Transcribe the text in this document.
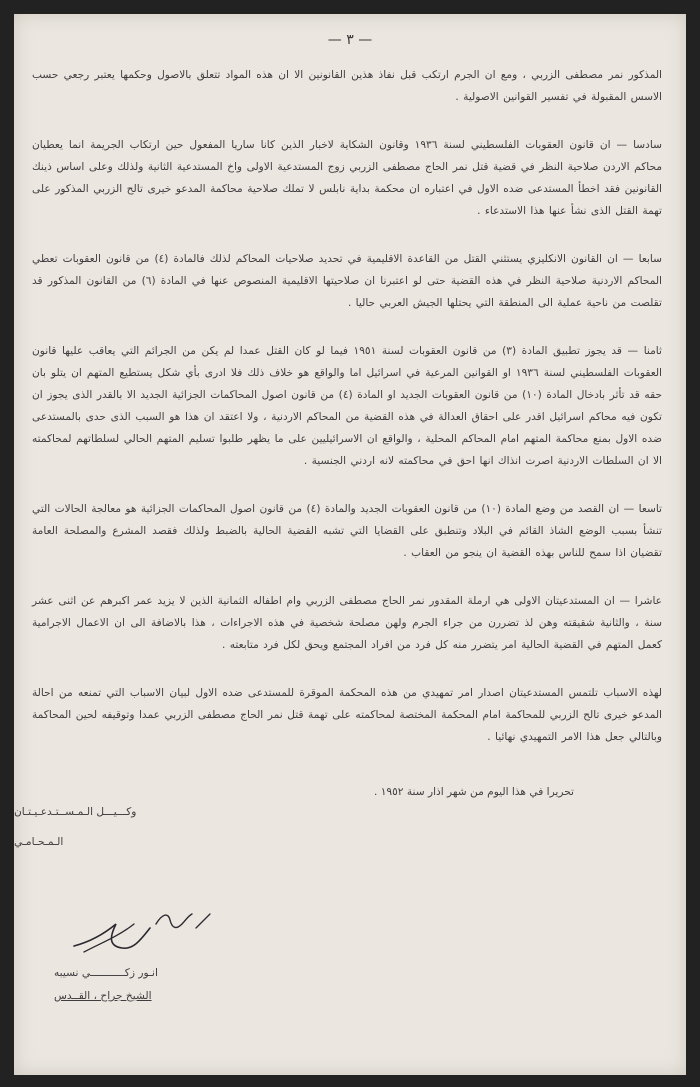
— ٣ —

المذكور نمر مصطفى الزربي ، ومع ان الجرم ارتكب قبل نفاذ هذين القانونين الا ان هذه المواد تتعلق بالاصول وحكمها يعتبر رجعي حسب الاسس المقبولة في تفسير القوانين الاصولية .

سادسا — ان قانون العقوبات الفلسطيني لسنة ١٩٣٦ وقانون الشكاية لاخبار الذين كانا ساريا المفعول حين ارتكاب الجريمة انما يعطيان محاكم الاردن صلاحية النظر في قضية قتل نمر الحاج مصطفى الزربي زوج المستدعية الاولى واخ المستدعية الثانية ولذلك وعلى اساس ذينك القانونين فقد اخطأ المستدعى ضده الاول في اعتباره ان محكمة بداية نابلس لا تملك صلاحية محاكمة المدعو خيرى تالح الزربي المذكور على تهمة القتل الذى نشأ عنها هذا الاستدعاء .

سابعا — ان القانون الانكليزي يستثني القتل من القاعدة الاقليمية في تحديد صلاحيات المحاكم لذلك فالمادة (٤) من قانون العقوبات تعطي المحاكم الاردنية صلاحية النظر في هذه القضية حتى لو اعتبرنا ان صلاحيتها الاقليمية المنصوص عنها في المادة (٦) من القانون المذكور قد تقلصت من ناحية عملية الى المنطقة التي يحتلها الجيش العربي حاليا .

ثامنا — قد يجوز تطبيق المادة (٣) من قانون العقوبات لسنة ١٩٥١ فيما لو كان القتل عمدا لم يكن من الجرائم التي يعاقب عليها قانون العقوبات الفلسطيني لسنة ١٩٣٦ او القوانين المرعية في اسرائيل اما والواقع هو خلاف ذلك فلا ادرى بأي شكل يستطيع المتهم ان يتلو بان حقه قد تأثر بادخال المادة (١٠) من قانون العقوبات الجديد او المادة (٤) من قانون اصول المحاكمات الجزائية الجديد الا بالقدر الذى يجوز ان تكون فيه محاكم اسرائيل اقدر على احقاق العدالة في هذه القضية من المحاكم الاردنية ، ولا اعتقد ان هذا هو السبب الذى حدى بالمستدعى ضده الاول بمنع محاكمة المتهم امام المحاكم المحلية ، والواقع ان الاسرائيليين على ما يظهر طلبوا تسليم المتهم الحالي لسلطاتهم لمحاكمته الا ان السلطات الاردنية اصرت انذاك انها احق في محاكمته لانه اردني الجنسية .

تاسعا — ان القصد من وضع المادة (١٠) من قانون العقوبات الجديد والمادة (٤) من قانون اصول المحاكمات الجزائية هو معالجة الحالات التي تنشأ بسبب الوضع الشاذ القائم في البلاد وتنطبق على القضايا التي تشبه القضية الحالية بالضبط ولذلك فقصد المشرع والمصلحة العامة تقضيان اذا سمح للناس بهذه القضية ان ينجو من العقاب .

عاشرا — ان المستدعيتان الاولى هي ارملة المقدور نمر الحاج مصطفى الزربي وام اطفاله الثمانية الذين لا يزيد عمر اكبرهم عن اثنى عشر سنة ، والثانية شقيقته وهن لذ تضررن من جراء الجرم ولهن مصلحة شخصية في هذه الاجراءات ، هذا بالاضافة الى ان الاعمال الاجرامية كعمل المتهم في القضية الحالية امر يتضرر منه كل فرد من افراد المجتمع ويحق لكل فرد متابعته .

لهذه الاسباب تلتمس المستدعيتان اصدار امر تمهيدي من هذه المحكمة الموقرة للمستدعى ضده الاول لبيان الاسباب التي تمنعه من احالة المدعو خيرى تالح الزربي للمحاكمة امام المحكمة المختصة لمحاكمته على تهمة قتل نمر الحاج مصطفى الزربي عمدا وتوقيفه لحين المحاكمة وبالتالي جعل هذا الامر التمهيدي نهائيا .

تحريرا في هذا اليوم من شهر اذار سنة ١٩٥٢ .
وكـــيـــل الـمـســتـدعـيـتـان
الـمـحـامـي
انـور زكـــــــــــي نسيبه
الشيخ جراح ، القــدس
